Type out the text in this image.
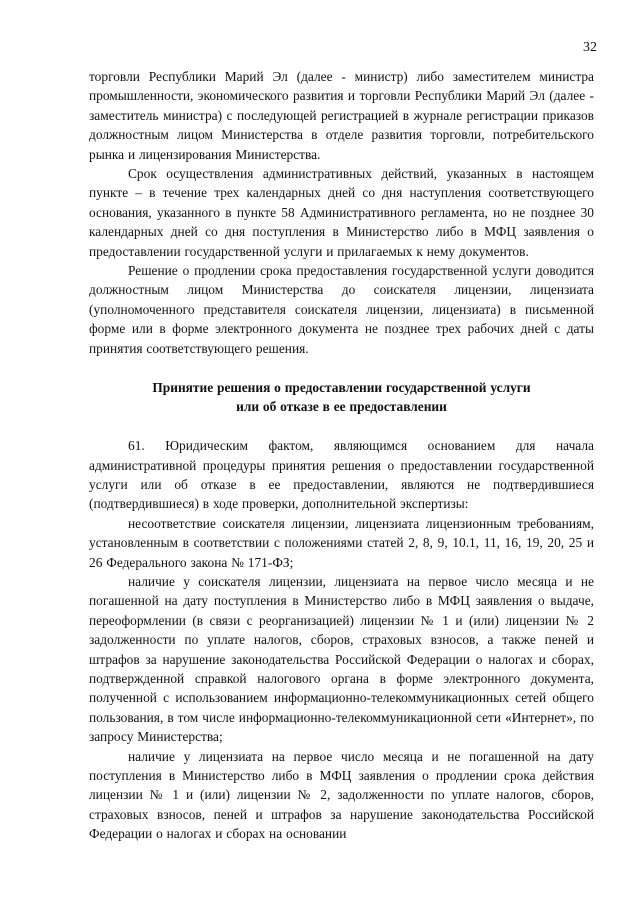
32

торговли Республики Марий Эл (далее - министр) либо заместителем министра промышленности, экономического развития и торговли Республики Марий Эл (далее - заместитель министра) с последующей регистрацией в журнале регистрации приказов должностным лицом Министерства в отделе развития торговли, потребительского рынка и лицензирования Министерства.

Срок осуществления административных действий, указанных в настоящем пункте – в течение трех календарных дней со дня наступления соответствующего основания, указанного в пункте 58 Административного регламента, но не позднее 30 календарных дней со дня поступления в Министерство либо в МФЦ заявления о предоставлении государственной услуги и прилагаемых к нему документов.

Решение о продлении срока предоставления государственной услуги доводится должностным лицом Министерства до соискателя лицензии, лицензиата (уполномоченного представителя соискателя лицензии, лицензиата) в письменной форме или в форме электронного документа не позднее трех рабочих дней с даты принятия соответствующего решения.

Принятие решения о предоставлении государственной услуги
или об отказе в ее предоставлении

61. Юридическим фактом, являющимся основанием для начала административной процедуры принятия решения о предоставлении государственной услуги или об отказе в ее предоставлении, являются не подтвердившиеся (подтвердившиеся) в ходе проверки, дополнительной экспертизы:

несоответствие соискателя лицензии, лицензиата лицензионным требованиям, установленным в соответствии с положениями статей 2, 8, 9, 10.1, 11, 16, 19, 20, 25 и 26 Федерального закона № 171-ФЗ;

наличие у соискателя лицензии, лицензиата на первое число месяца и не погашенной на дату поступления в Министерство либо в МФЦ заявления о выдаче, переоформлении (в связи с реорганизацией) лицензии № 1 и (или) лицензии № 2 задолженности по уплате налогов, сборов, страховых взносов, а также пеней и штрафов за нарушение законодательства Российской Федерации о налогах и сборах, подтвержденной справкой налогового органа в форме электронного документа, полученной с использованием информационно-телекоммуникационных сетей общего пользования, в том числе информационно-телекоммуникационной сети «Интернет», по запросу Министерства;

наличие у лицензиата на первое число месяца и не погашенной на дату поступления в Министерство либо в МФЦ заявления о продлении срока действия лицензии № 1 и (или) лицензии № 2, задолженности по уплате налогов, сборов, страховых взносов, пеней и штрафов за нарушение законодательства Российской Федерации о налогах и сборах на основании
